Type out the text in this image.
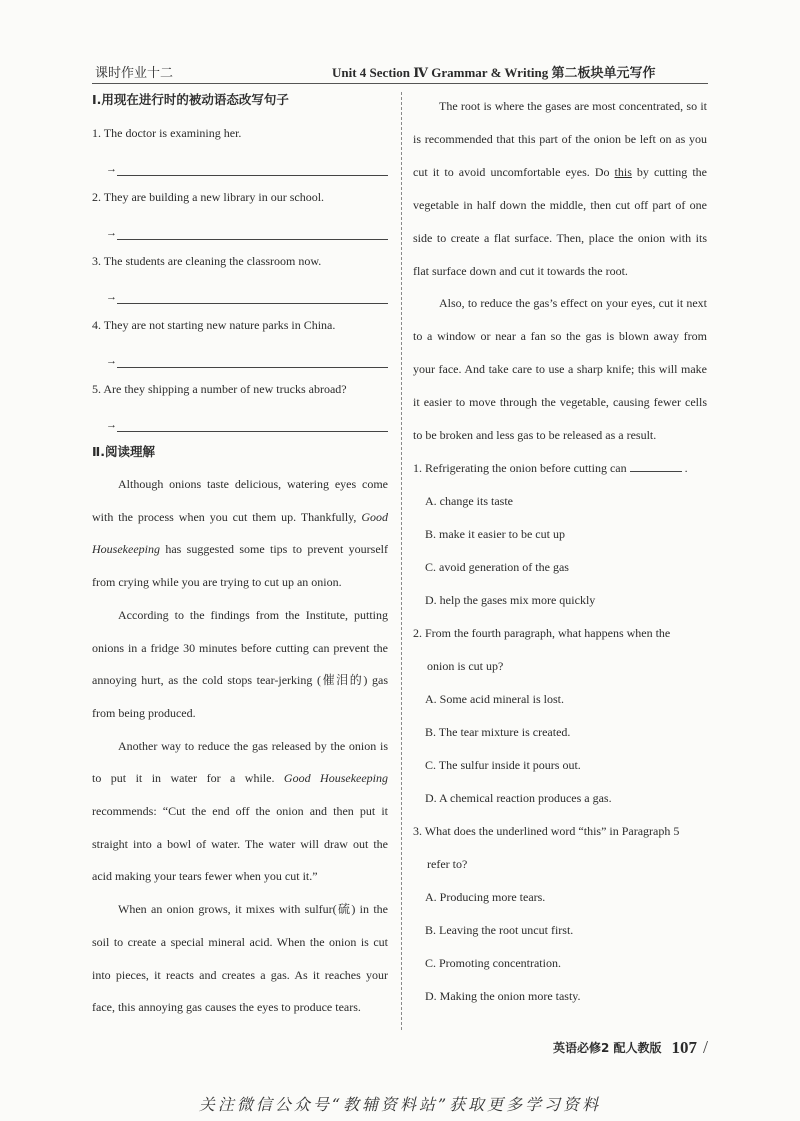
课时作业十二	Unit 4 Section Ⅳ Grammar & Writing 第二板块单元写作
Ⅰ.用现在进行时的被动语态改写句子
1. The doctor is examining her.
→
2. They are building a new library in our school.
→
3. The students are cleaning the classroom now.
→
4. They are not starting new nature parks in China.
→
5. Are they shipping a number of new trucks abroad?
→
Ⅱ.阅读理解

Although onions taste delicious, watering eyes come with the process when you cut them up. Thankfully, Good Housekeeping has suggested some tips to prevent yourself from crying while you are trying to cut up an onion.

According to the findings from the Institute, putting onions in a fridge 30 minutes before cutting can prevent the annoying hurt, as the cold stops tear-jerking (催泪的) gas from being produced.

Another way to reduce the gas released by the onion is to put it in water for a while. Good Housekeeping recommends: “Cut the end off the onion and then put it straight into a bowl of water. The water will draw out the acid making your tears fewer when you cut it.”

When an onion grows, it mixes with sulfur(硫) in the soil to create a special mineral acid. When the onion is cut into pieces, it reacts and creates a gas. As it reaches your face, this annoying gas causes the eyes to produce tears.

The root is where the gases are most concentrated, so it is recommended that this part of the onion be left on as you cut it to avoid uncomfortable eyes. Do this by cutting the vegetable in half down the middle, then cut off part of one side to create a flat surface. Then, place the onion with its flat surface down and cut it towards the root.

Also, to reduce the gas’s effect on your eyes, cut it next to a window or near a fan so the gas is blown away from your face. And take care to use a sharp knife; this will make it easier to move through the vegetable, causing fewer cells to be broken and less gas to be released as a result.

1. Refrigerating the onion before cutting can	.

A. change its taste

B. make it easier to be cut up

C. avoid generation of the gas

D. help the gases mix more quickly

2. From the fourth paragraph, what happens when the

onion is cut up?

A. Some acid mineral is lost.

B. The tear mixture is created.

C. The sulfur inside it pours out.

D. A chemical reaction produces a gas.

3. What does the underlined word “this” in Paragraph 5

refer to?

A. Producing more tears.

B. Leaving the root uncut first.

C. Promoting concentration.

D. Making the onion more tasty.

英语必修2 配人教版 107 /
关注微信公众号“教辅资料站”获取更多学习资料
